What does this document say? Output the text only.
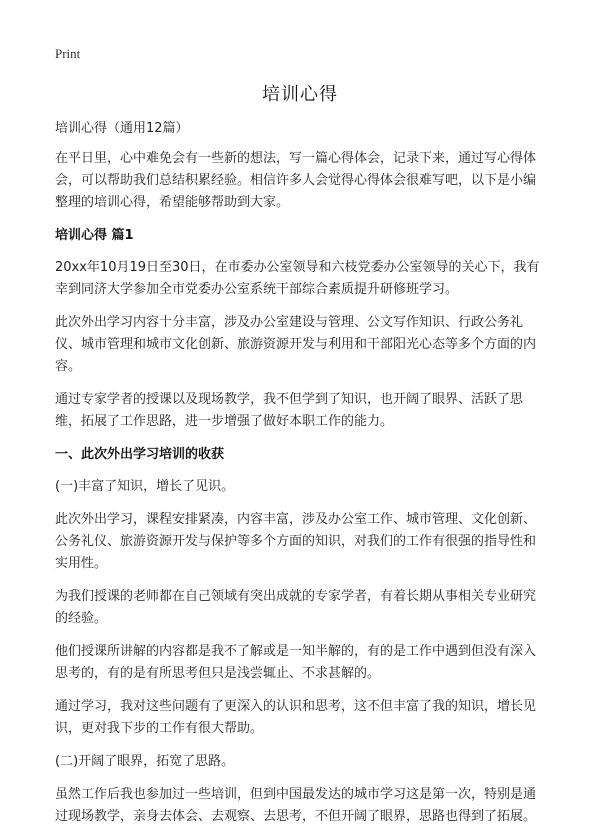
Print
培训心得

培训心得（通用12篇）

在平日里，心中难免会有一些新的想法，写一篇心得体会，记录下来，通过写心得体会，可以帮助我们总结积累经验。相信许多人会觉得心得体会很难写吧，以下是小编整理的培训心得，希望能够帮助到大家。

培训心得 篇1

20xx年10月19日至30日，在市委办公室领导和六枝党委办公室领导的关心下，我有幸到同济大学参加全市党委办公室系统干部综合素质提升研修班学习。

此次外出学习内容十分丰富，涉及办公室建设与管理、公文写作知识、行政公务礼仪、城市管理和城市文化创新、旅游资源开发与利用和干部阳光心态等多个方面的内容。

通过专家学者的授课以及现场教学，我不但学到了知识，也开阔了眼界、活跃了思维，拓展了工作思路，进一步增强了做好本职工作的能力。

一、此次外出学习培训的收获

(一)丰富了知识，增长了见识。

此次外出学习，课程安排紧凑，内容丰富，涉及办公室工作、城市管理、文化创新、公务礼仪、旅游资源开发与保护等多个方面的知识，对我们的工作有很强的指导性和实用性。

为我们授课的老师都在自己领域有突出成就的专家学者，有着长期从事相关专业研究的经验。

他们授课所讲解的内容都是我不了解或是一知半解的，有的是工作中遇到但没有深入思考的，有的是有所思考但只是浅尝辄止、不求甚解的。

通过学习，我对这些问题有了更深入的认识和思考，这不但丰富了我的知识，增长见识，更对我下步的工作有很大帮助。

(二)开阔了眼界，拓宽了思路。

虽然工作后我也参加过一些培训，但到中国最发达的城市学习这是第一次，特别是通过现场教学，亲身去体会、去观察、去思考，不但开阔了眼界，思路也得到了拓展。
